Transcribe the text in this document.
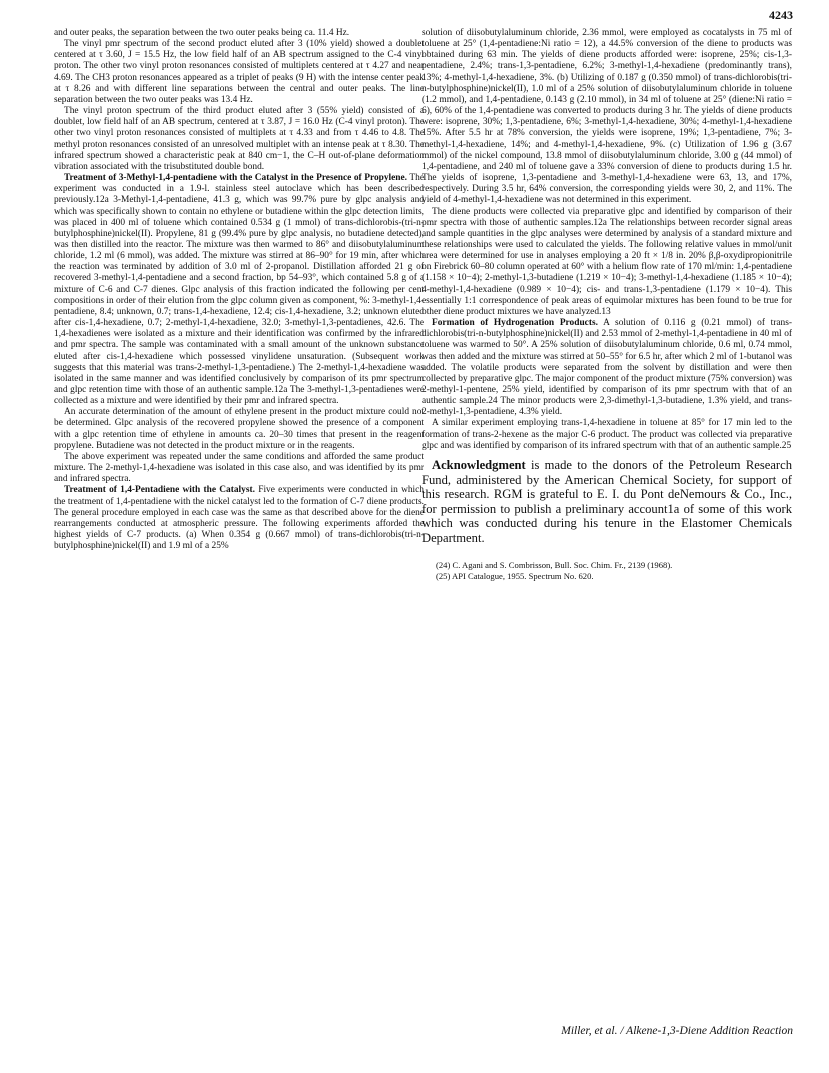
4243

and outer peaks, the separation between the two outer peaks being ca. 11.4 Hz.

The vinyl pmr spectrum of the second product eluted after 3 (10% yield) showed a doublet centered at τ 3.60, J = 15.5 Hz, the low field half of an AB spectrum assigned to the C-4 vinyl proton. The other two vinyl proton resonances consisted of multiplets centered at τ 4.27 and near 4.69. The CH3 proton resonances appeared as a triplet of peaks (9 H) with the intense center peak at τ 8.26 and with different line separations between the central and outer peaks. The line separation between the two outer peaks was 13.4 Hz.

The vinyl proton spectrum of the third product eluted after 3 (55% yield) consisted of a doublet, low field half of an AB spectrum, centered at τ 3.87, J = 16.0 Hz (C-4 vinyl proton). The other two vinyl proton resonances consisted of multiplets at τ 4.33 and from τ 4.46 to 4.8. The methyl proton resonances consisted of an unresolved multiplet with an intense peak at τ 8.30. The infrared spectrum showed a characteristic peak at 840 cm−1, the C–H out-of-plane deformation vibration associated with the trisubstituted double bond.

Treatment of 3-Methyl-1,4-pentadiene with the Catalyst in the Presence of Propylene. The experiment was conducted in a 1.9-l. stainless steel autoclave which has been described previously.12a 3-Methyl-1,4-pentadiene, 41.3 g, which was 99.7% pure by glpc analysis and which was specifically shown to contain no ethylene or butadiene within the glpc detection limits, was placed in 400 ml of toluene which contained 0.534 g (1 mmol) of trans-dichlorobis-(tri-n-butylphosphine)nickel(II). Propylene, 81 g (99.4% pure by glpc analysis, no butadiene detected), was then distilled into the reactor. The mixture was then warmed to 86° and diisobutylaluminum chloride, 1.2 ml (6 mmol), was added. The mixture was stirred at 86–90° for 19 min, after which the reaction was terminated by addition of 3.0 ml of 2-propanol. Distillation afforded 21 g of recovered 3-methyl-1,4-pentadiene and a second fraction, bp 54–93°, which contained 5.8 g of a mixture of C-6 and C-7 dienes. Glpc analysis of this fraction indicated the following per cent compositions in order of their elution from the glpc column given as component, %: 3-methyl-1,4-pentadiene, 8.4; unknown, 0.7; trans-1,4-hexadiene, 12.4; cis-1,4-hexadiene, 3.2; unknown eluted after cis-1,4-hexadiene, 0.7; 2-methyl-1,4-hexadiene, 32.0; 3-methyl-1,3-pentadienes, 42.6. The 1,4-hexadienes were isolated as a mixture and their identification was confirmed by the infrared and pmr spectra. The sample was contaminated with a small amount of the unknown substance eluted after cis-1,4-hexadiene which possessed vinylidene unsaturation. (Subsequent work suggests that this material was trans-2-methyl-1,3-pentadiene.) The 2-methyl-1,4-hexadiene was isolated in the same manner and was identified conclusively by comparison of its pmr spectrum and glpc retention time with those of an authentic sample.12a The 3-methyl-1,3-pentadienes were collected as a mixture and were identified by their pmr and infrared spectra.

An accurate determination of the amount of ethylene present in the product mixture could not be determined. Glpc analysis of the recovered propylene showed the presence of a component with a glpc retention time of ethylene in amounts ca. 20–30 times that present in the reagent propylene. Butadiene was not detected in the product mixture or in the reagents.

The above experiment was repeated under the same conditions and afforded the same product mixture. The 2-methyl-1,4-hexadiene was isolated in this case also, and was identified by its pmr and infrared spectra.

Treatment of 1,4-Pentadiene with the Catalyst. Five experiments were conducted in which the treatment of 1,4-pentadiene with the nickel catalyst led to the formation of C-7 diene products. The general procedure employed in each case was the same as that described above for the diene rearrangements conducted at atmospheric pressure. The following experiments afforded the highest yields of C-7 products. (a) When 0.354 g (0.667 mmol) of trans-dichlorobis(tri-n-butylphosphine)nickel(II) and 1.9 ml of a 25%

solution of diisobutylaluminum chloride, 2.36 mmol, were employed as cocatalysts in 75 ml of toluene at 25° (1,4-pentadiene:Ni ratio = 12), a 44.5% conversion of the diene to products was obtained during 63 min. The yields of diene products afforded were: isoprene, 25%; cis-1,3-pentadiene, 2.4%; trans-1,3-pentadiene, 6.2%; 3-methyl-1,4-hexadiene (predominantly trans), 13%; 4-methyl-1,4-hexadiene, 3%. (b) Utilizing of 0.187 g (0.350 mmol) of trans-dichlorobis(tri-n-butylphosphine)nickel(II), 1.0 ml of a 25% solution of diisobutylaluminum chloride in toluene (1.2 mmol), and 1,4-pentadiene, 0.143 g (2.10 mmol), in 34 ml of toluene at 25° (diene:Ni ratio = 6), 60% of the 1,4-pentadiene was converted to products during 3 hr. The yields of diene products were: isoprene, 30%; 1,3-pentadiene, 6%; 3-methyl-1,4-hexadiene, 30%; 4-methyl-1,4-hexadiene 15%. After 5.5 hr at 78% conversion, the yields were isoprene, 19%; 1,3-pentadiene, 7%; 3-methyl-1,4-hexadiene, 14%; and 4-methyl-1,4-hexadiene, 9%. (c) Utilization of 1.96 g (3.67 mmol) of the nickel compound, 13.8 mmol of diisobutylaluminum chloride, 3.00 g (44 mmol) of 1,4-pentadiene, and 240 ml of toluene gave a 33% conversion of diene to products during 1.5 hr. The yields of isoprene, 1,3-pentadiene and 3-methyl-1,4-hexadiene were 63, 13, and 17%, respectively. During 3.5 hr, 64% conversion, the corresponding yields were 30, 2, and 11%. The yield of 4-methyl-1,4-hexadiene was not determined in this experiment.

The diene products were collected via preparative glpc and identified by comparison of their pmr spectra with those of authentic samples.12a The relationships between recorder signal areas and sample quantities in the glpc analyses were determined by analysis of a standard mixture and these relationships were used to calculated the yields. The following relative values in mmol/unit area were determined for use in analyses employing a 20 ft × 1/8 in. 20% β,β-oxydipropionitrile on Firebrick 60–80 column operated at 60° with a helium flow rate of 170 ml/min: 1,4-pentadiene (1.158 × 10−4); 2-methyl-1,3-butadiene (1.219 × 10−4); 3-methyl-1,4-hexadiene (1.185 × 10−4); 4-methyl-1,4-hexadiene (0.989 × 10−4); cis- and trans-1,3-pentadiene (1.179 × 10−4). This essentially 1:1 correspondence of peak areas of equimolar mixtures has been found to be true for other diene product mixtures we have analyzed.13

Formation of Hydrogenation Products. A solution of 0.116 g (0.21 mmol) of trans-dichlorobis(tri-n-butylphosphine)nickel(II) and 2.53 mmol of 2-methyl-1,4-pentadiene in 40 ml of toluene was warmed to 50°. A 25% solution of diisobutylaluminum chloride, 0.6 ml, 0.74 mmol, was then added and the mixture was stirred at 50–55° for 6.5 hr, after which 2 ml of 1-butanol was added. The volatile products were separated from the solvent by distillation and were then collected by preparative glpc. The major component of the product mixture (75% conversion) was 2-methyl-1-pentene, 25% yield, identified by comparison of its pmr spectrum with that of an authentic sample.24 The minor products were 2,3-dimethyl-1,3-butadiene, 1.3% yield, and trans-2-methyl-1,3-pentadiene, 4.3% yield.

A similar experiment employing trans-1,4-hexadiene in toluene at 85° for 17 min led to the formation of trans-2-hexene as the major C-6 product. The product was collected via preparative glpc and was identified by comparison of its infrared spectrum with that of an authentic sample.25

Acknowledgment is made to the donors of the Petroleum Research Fund, administered by the American Chemical Society, for support of this research. RGM is grateful to E. I. du Pont deNemours & Co., Inc., for permission to publish a preliminary account1a of some of this work which was conducted during his tenure in the Elastomer Chemicals Department.

(24) C. Agani and S. Combrisson, Bull. Soc. Chim. Fr., 2139 (1968).
(25) API Catalogue, 1955. Spectrum No. 620.
Miller, et al. / Alkene-1,3-Diene Addition Reaction
